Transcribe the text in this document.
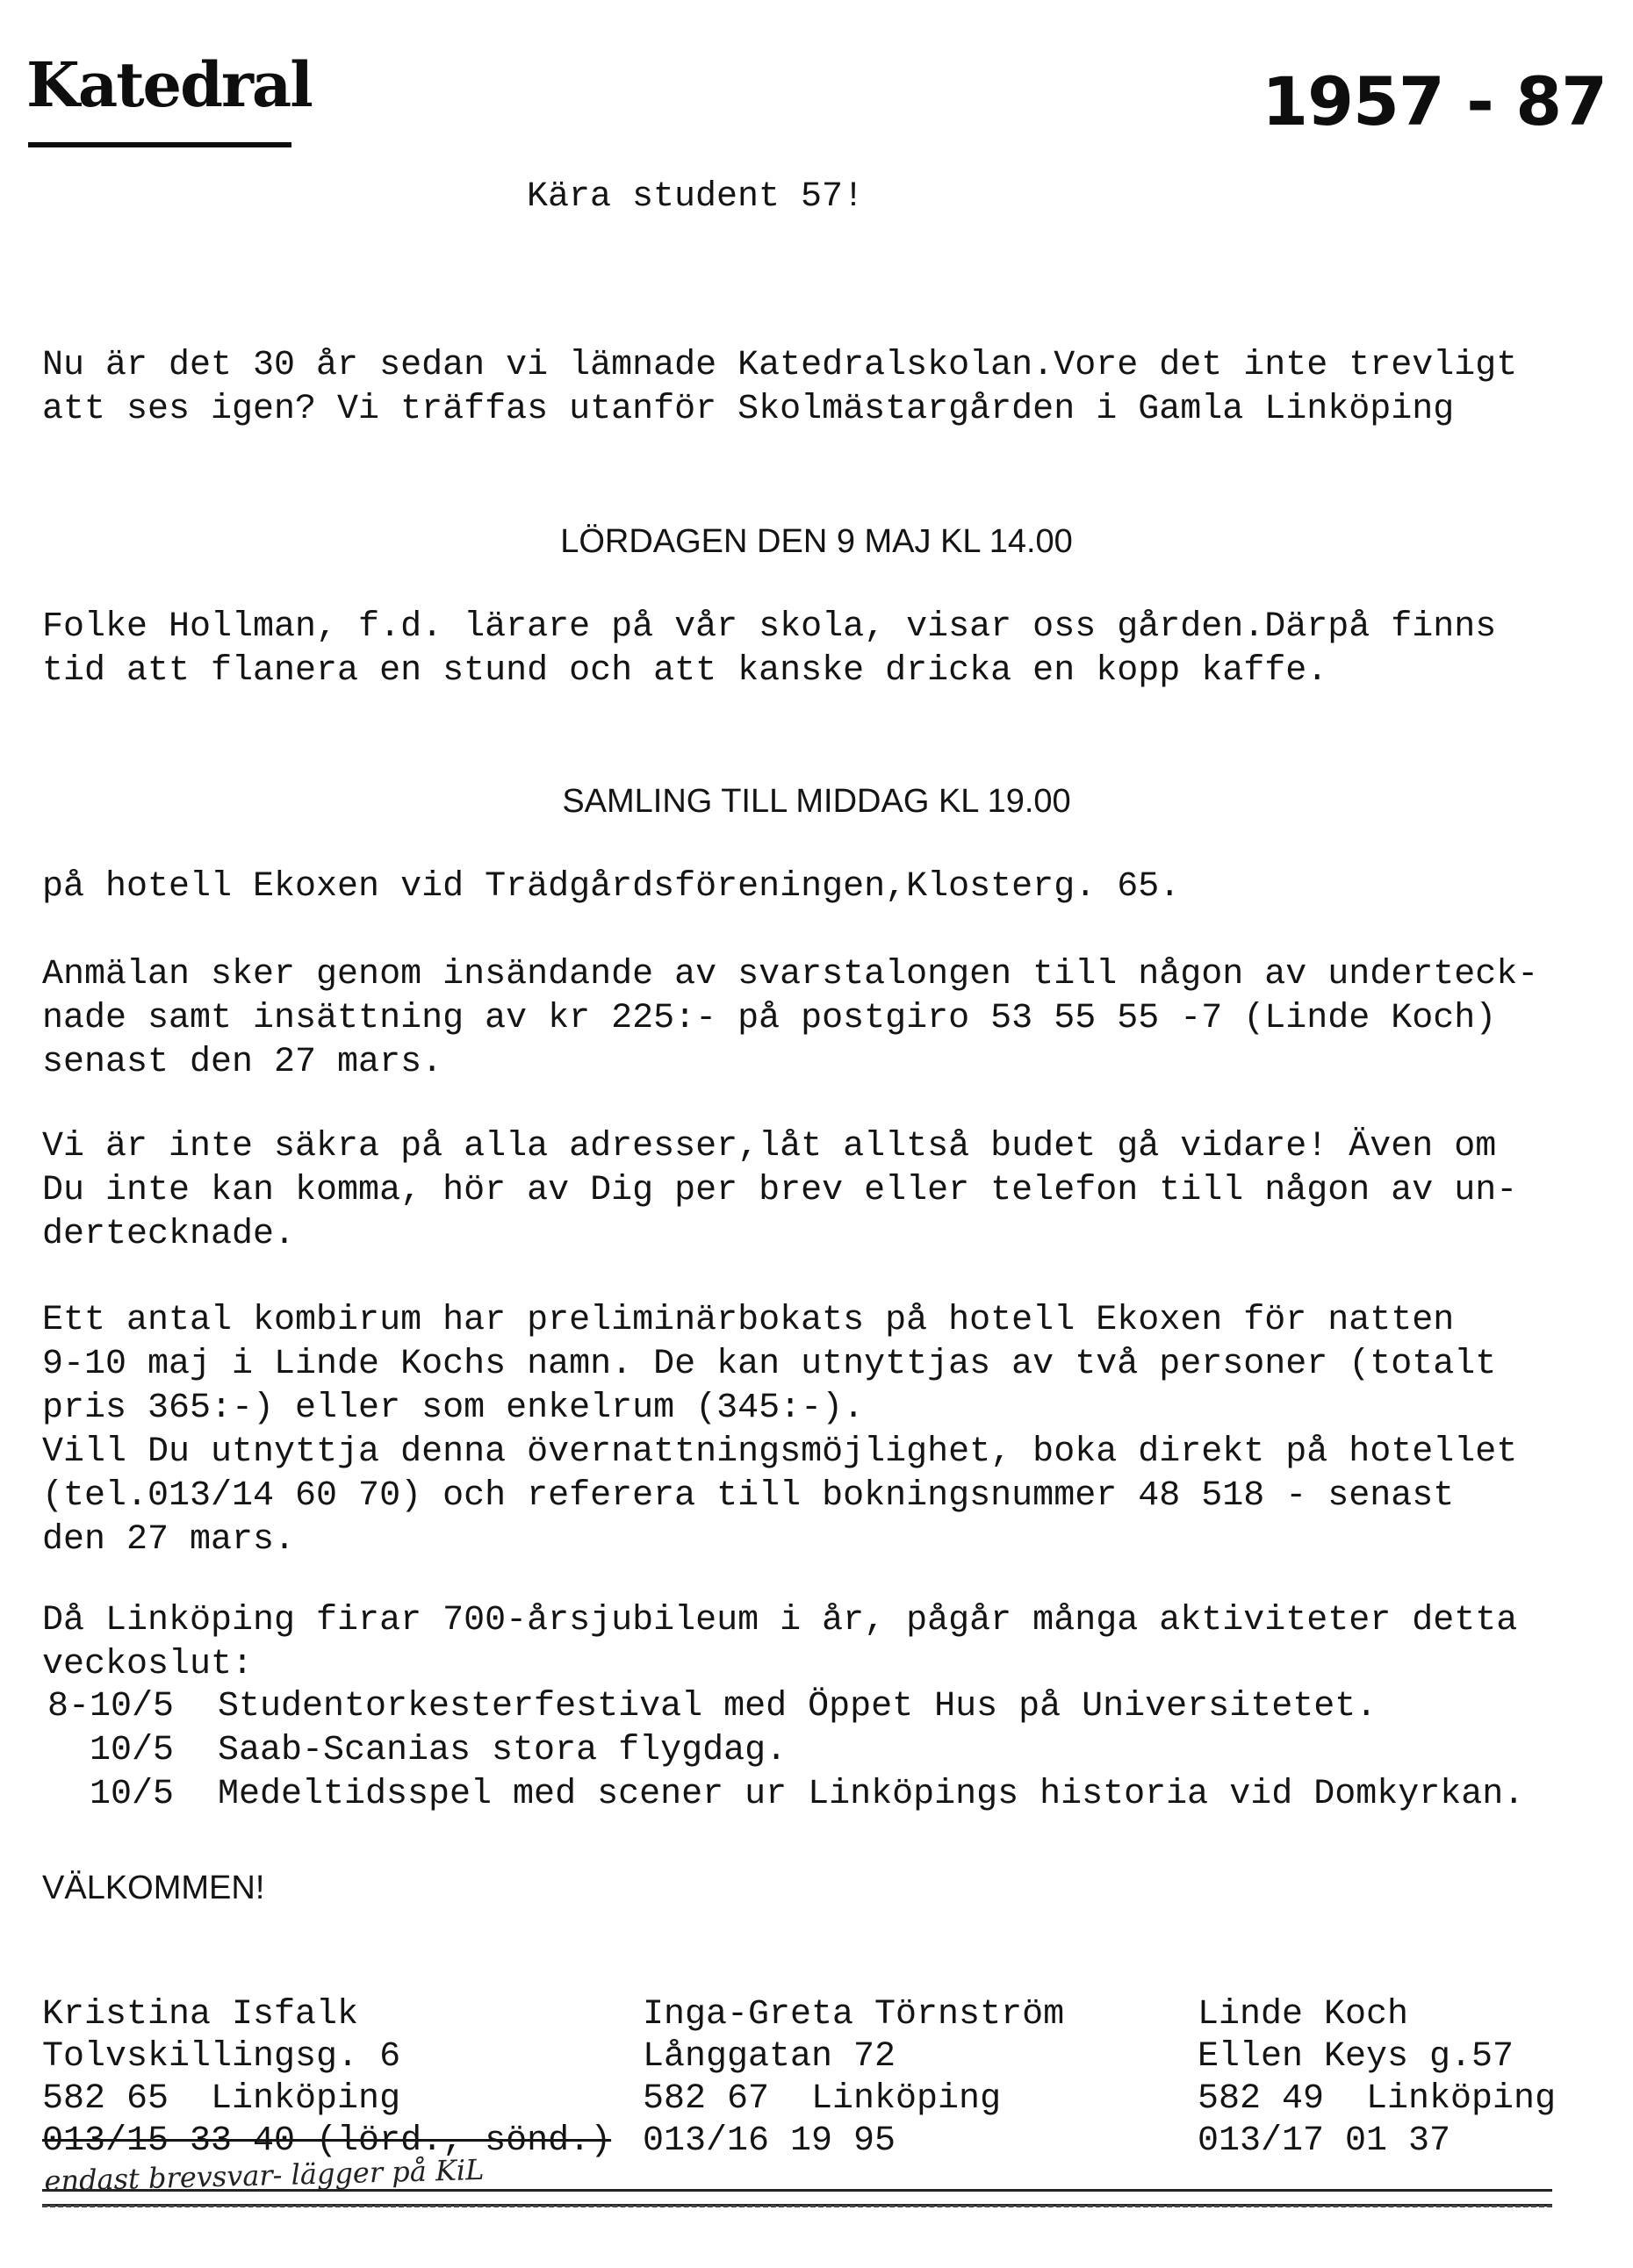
Katedral	1957 - 87
Kära student 57!
Nu är det 30 år sedan vi lämnade Katedralskolan.Vore det inte trevligt
att ses igen? Vi träffas utanför Skolmästargården i Gamla Linköping
LÖRDAGEN DEN 9 MAJ KL 14.00
Folke Hollman, f.d. lärare på vår skola, visar oss gården.Därpå finns
tid att flanera en stund och att kanske dricka en kopp kaffe.
SAMLING TILL MIDDAG KL 19.00
på hotell Ekoxen vid Trädgårdsföreningen,Klosterg. 65.
Anmälan sker genom insändande av svarstalongen till någon av underteck-
nade samt insättning av kr 225:- på postgiro 53 55 55 -7 (Linde Koch)
senast den 27 mars.
Vi är inte säkra på alla adresser,låt alltså budet gå vidare! Även om
Du inte kan komma, hör av Dig per brev eller telefon till någon av un-
dertecknade.
Ett antal kombirum har preliminärbokats på hotell Ekoxen för natten
9-10 maj i Linde Kochs namn. De kan utnyttjas av två personer (totalt
pris 365:-) eller som enkelrum (345:-).
Vill Du utnyttja denna övernattningsmöjlighet, boka direkt på hotellet
(tel.013/14 60 70) och referera till bokningsnummer 48 518 - senast
den 27 mars.
Då Linköping firar 700-årsjubileum i år, pågår många aktiviteter detta
veckoslut:
8-10/5	Studentorkesterfestival med Öppet Hus på Universitetet.
10/5	Saab-Scanias stora flygdag.
10/5	Medeltidsspel med scener ur Linköpings historia vid Domkyrkan.
VÄLKOMMEN!
Kristina Isfalk
Tolvskillingsg. 6
582 65  Linköping
013/15 33 40 (lörd., sönd.)
Inga-Greta Törnström
Långgatan 72
582 67  Linköping
013/16 19 95
Linde Koch
Ellen Keys g.57
582 49  Linköping
013/17 01 37
endast brevsvar- lägger på KiL
